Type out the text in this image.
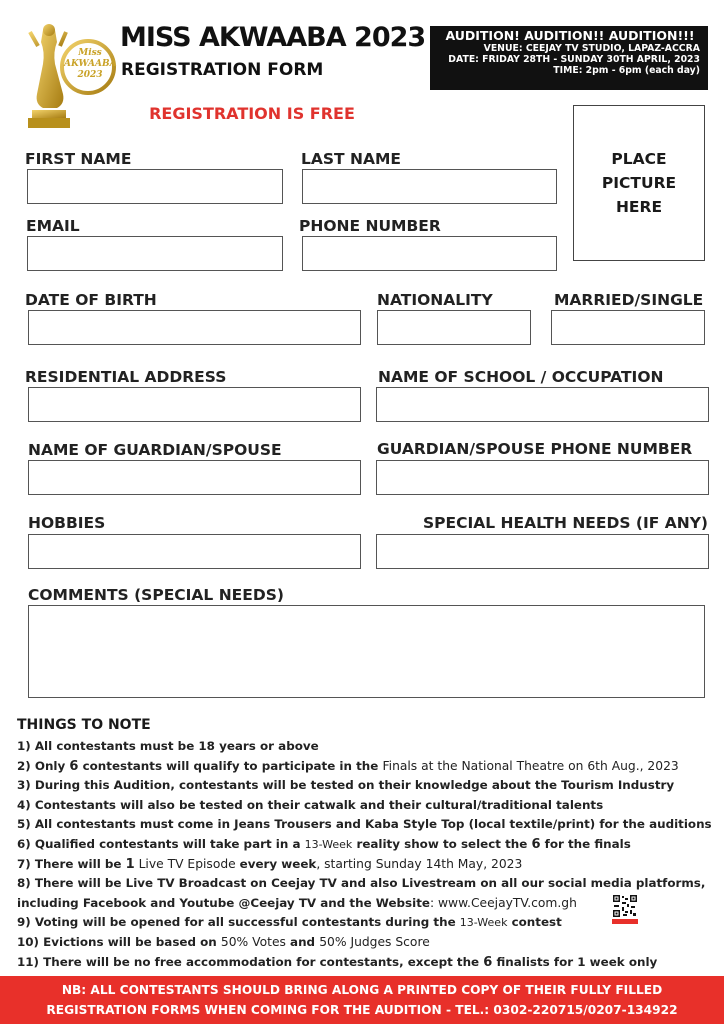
Miss AKWAABA 2023
MISS AKWAABA 2023
REGISTRATION FORM
AUDITION! AUDITION!! AUDITION!!!
VENUE: CEEJAY TV STUDIO, LAPAZ-ACCRA
DATE: FRIDAY 28TH - SUNDAY 30TH APRIL, 2023
TIME: 2pm - 6pm (each day)
REGISTRATION IS FREE
PLACE
PICTURE
HERE
FIRST NAME	LAST NAME
EMAIL	PHONE NUMBER
DATE OF BIRTH	NATIONALITY	MARRIED/SINGLE
RESIDENTIAL ADDRESS	NAME OF SCHOOL / OCCUPATION
NAME OF GUARDIAN/SPOUSE	GUARDIAN/SPOUSE PHONE NUMBER
HOBBIES	SPECIAL HEALTH NEEDS (IF ANY)
COMMENTS (SPECIAL NEEDS)
THINGS TO NOTE
1) All contestants must be 18 years or above
2) Only 6 contestants will qualify to participate in the Finals at the National Theatre on 6th Aug., 2023
3) During this Audition, contestants will be tested on their knowledge about the Tourism Industry
4) Contestants will also be tested on their catwalk and their cultural/traditional talents
5) All contestants must come in Jeans Trousers and Kaba Style Top (local textile/print) for the auditions
6) Qualified contestants will take part in a 13-Week reality show to select the 6 for the finals
7) There will be 1 Live TV Episode every week, starting Sunday 14th May, 2023
8) There will be Live TV Broadcast on Ceejay TV and also Livestream on all our social media platforms,
including Facebook and Youtube @Ceejay TV and the Website: www.CeejayTV.com.gh
9) Voting will be opened for all successful contestants during the 13-Week contest
10) Evictions will be based on 50% Votes and 50% Judges Score
11) There will be no free accommodation for contestants, except the 6 finalists for 1 week only
NB: ALL CONTESTANTS SHOULD BRING ALONG A PRINTED COPY OF THEIR FULLY FILLED
REGISTRATION FORMS WHEN COMING FOR THE AUDITION - TEL.: 0302-220715/0207-134922
